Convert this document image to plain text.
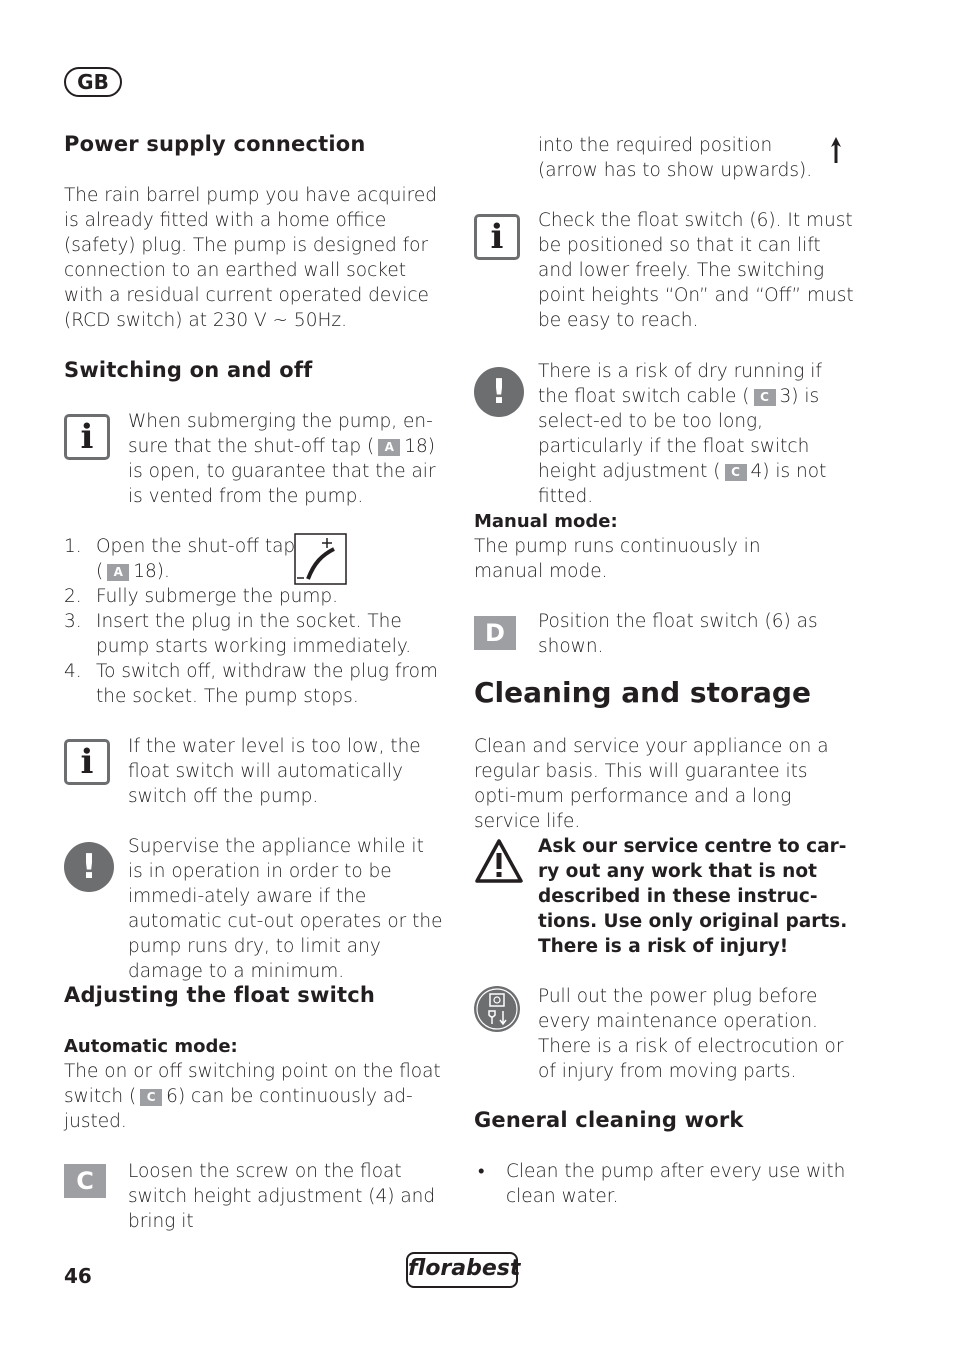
GB
Power supply connection
The rain barrel pump you have acquired is already fitted with a home office (safety) plug. The pump is designed for connection to an earthed wall socket with a residual current operated device (RCD switch) at 230 V ~ 50Hz.
Switching on and off
i When submerging the pump, en-sure that the shut-off tap ( A 18) is open, to guarantee that the air is vented from the pump.
1. Open the shut-off tap
( A 18).
2. Fully submerge the pump.
3. Insert the plug in the socket. The pump starts working immediately.
4. To switch off, withdraw the plug from the socket. The pump stops.
i If the water level is too low, the float switch will automatically switch off the pump.
!
Supervise the appliance while it is in operation in order to be immedi-ately aware if the automatic cut-out operates or the pump runs dry, to limit any damage to a minimum.
Adjusting the float switch
Automatic mode:
The on or off switching point on the float switch ( C 6) can be continuously ad-justed.
C	Loosen the screw on the float switch height adjustment (4) and bring it
into the required position (arrow has to show upwards).
i Check the float switch (6). It must be positioned so that it can lift and lower freely. The switching point heights “On” and “Off” must be easy to reach.
!
There is a risk of dry running if the float switch cable ( C 3) is select-ed to be too long, particularly if the float switch height adjustment ( C 4) is not fitted.
Manual mode:
The pump runs continuously in manual mode.
D	Position the float switch (6) as shown.
Cleaning and storage
Clean and service your appliance on a regular basis. This will guarantee its opti-mum performance and a long service life.
Ask our service centre to car-ry out any work that is not described in these instruc-tions. Use only original parts. There is a risk of injury!
Pull out the power plug before every maintenance operation. There is a risk of electrocution or of injury from moving parts.
General cleaning work
•	Clean the pump after every use with clean water.
46	florabest
